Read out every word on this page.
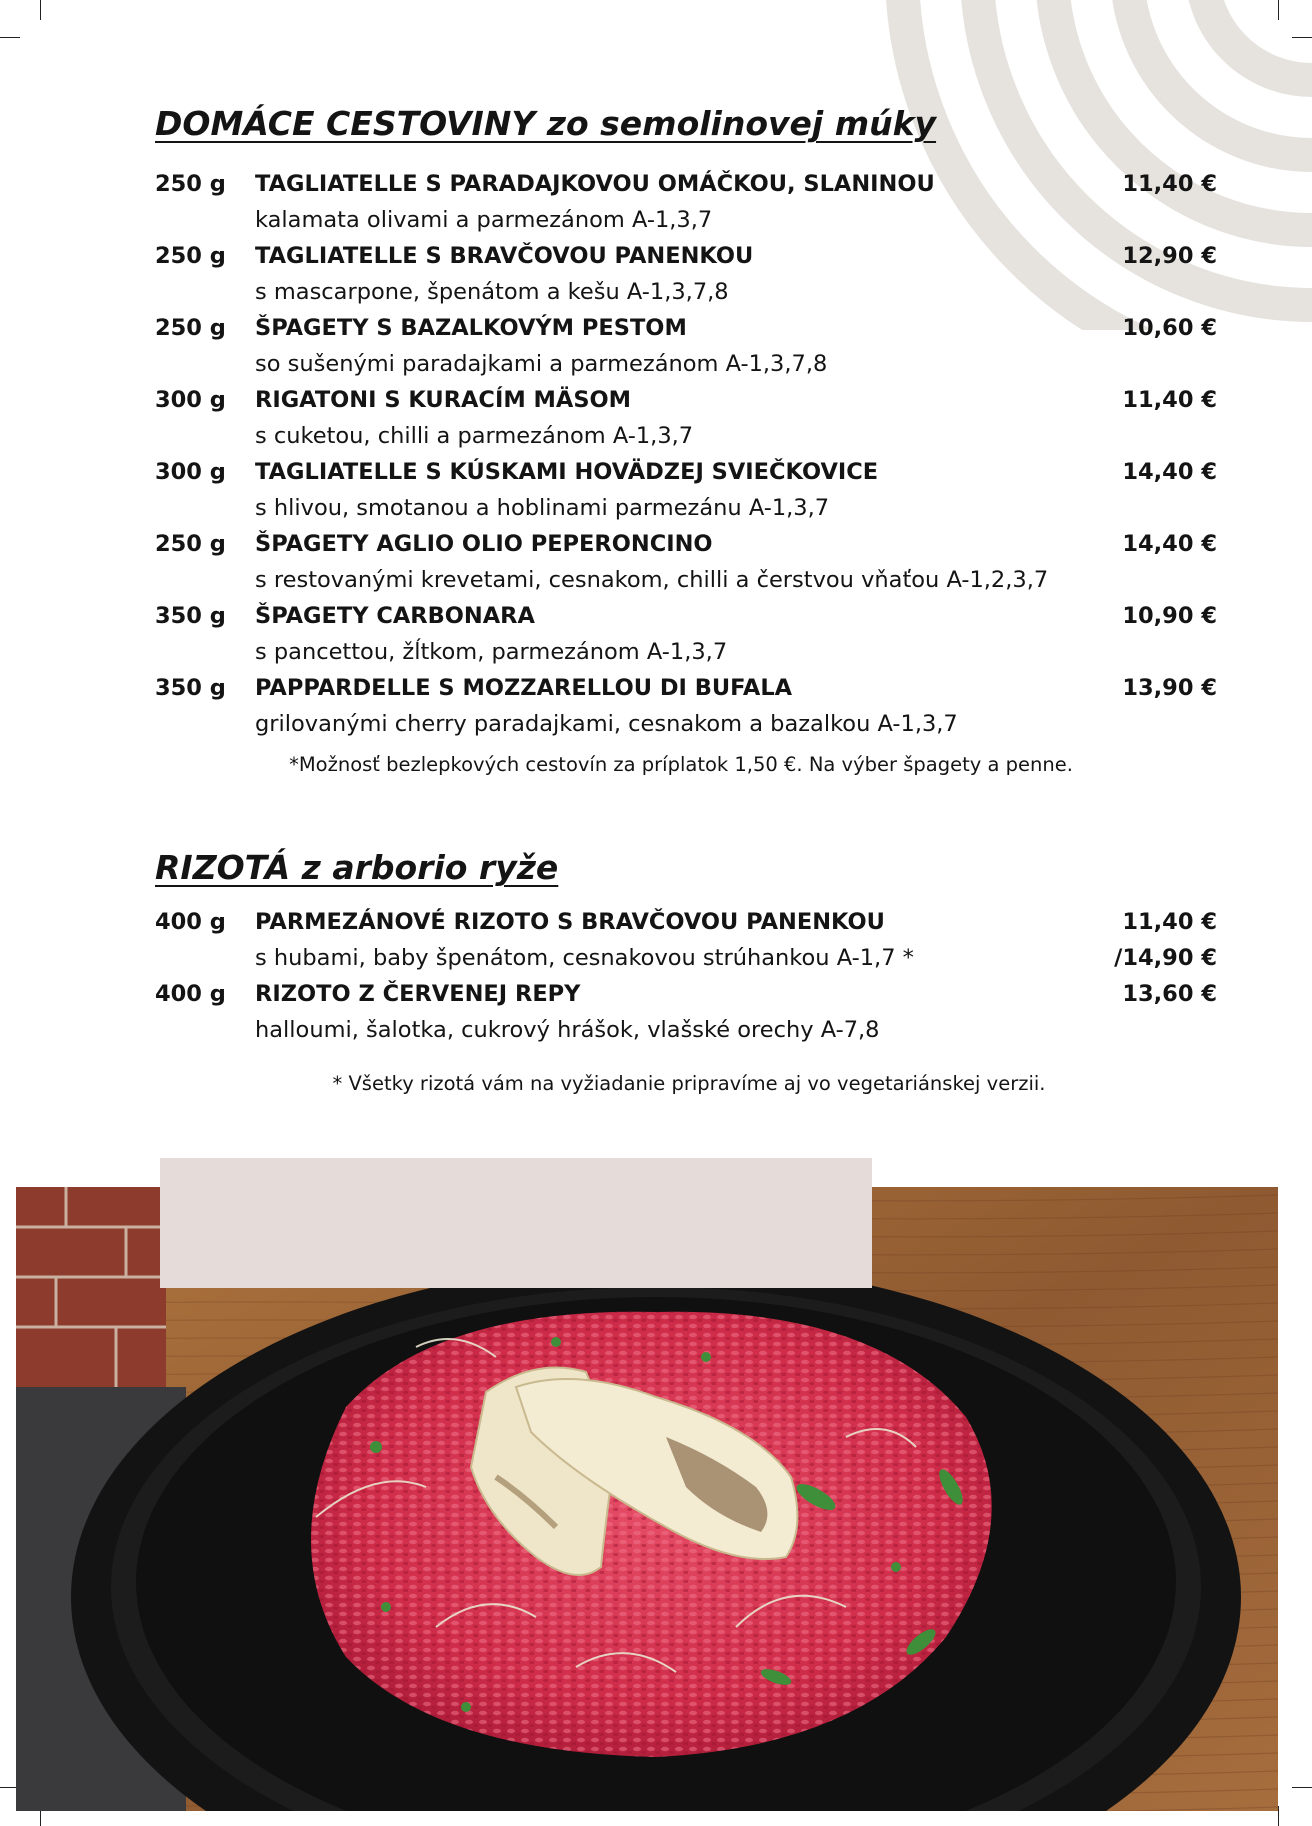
DOMÁCE CESTOVINY zo semolinovej múky
250 g TAGLIATELLE S PARADAJKOVOU OMÁČKOU, SLANINOU	11,40 €
kalamata olivami a parmezánom A-1,3,7
250 g TAGLIATELLE S BRAVČOVOU PANENKOU	12,90 €
s mascarpone, špenátom a kešu A-1,3,7,8
250 g ŠPAGETY S BAZALKOVÝM PESTOM	10,60 €
so sušenými paradajkami a parmezánom A-1,3,7,8
300 g RIGATONI S KURACÍM MÄSOM	11,40 €
s cuketou, chilli a parmezánom A-1,3,7
300 g TAGLIATELLE S KÚSKAMI HOVÄDZEJ SVIEČKOVICE	14,40 €
s hlivou, smotanou a hoblinami parmezánu A-1,3,7
250 g ŠPAGETY AGLIO OLIO PEPERONCINO	14,40 €
s restovanými krevetami, cesnakom, chilli a čerstvou vňaťou A-1,2,3,7
350 g ŠPAGETY CARBONARA	10,90 €
s pancettou, žĺtkom, parmezánom A-1,3,7
350 g PAPPARDELLE S MOZZARELLOU DI BUFALA	13,90 €
grilovanými cherry paradajkami, cesnakom a bazalkou A-1,3,7
*Možnosť bezlepkových cestovín za príplatok 1,50 €. Na výber špagety a penne.
RIZOTÁ z arborio ryže
400 g PARMEZÁNOVÉ RIZOTO S BRAVČOVOU PANENKOU	11,40 €
s hubami, baby špenátom, cesnakovou strúhankou A-1,7 *	/14,90 €
400 g RIZOTO Z ČERVENEJ REPY	13,60 €
halloumi, šalotka, cukrový hrášok, vlašské orechy A-7,8
* Všetky rizotá vám na vyžiadanie pripravíme aj vo vegetariánskej verzii.
